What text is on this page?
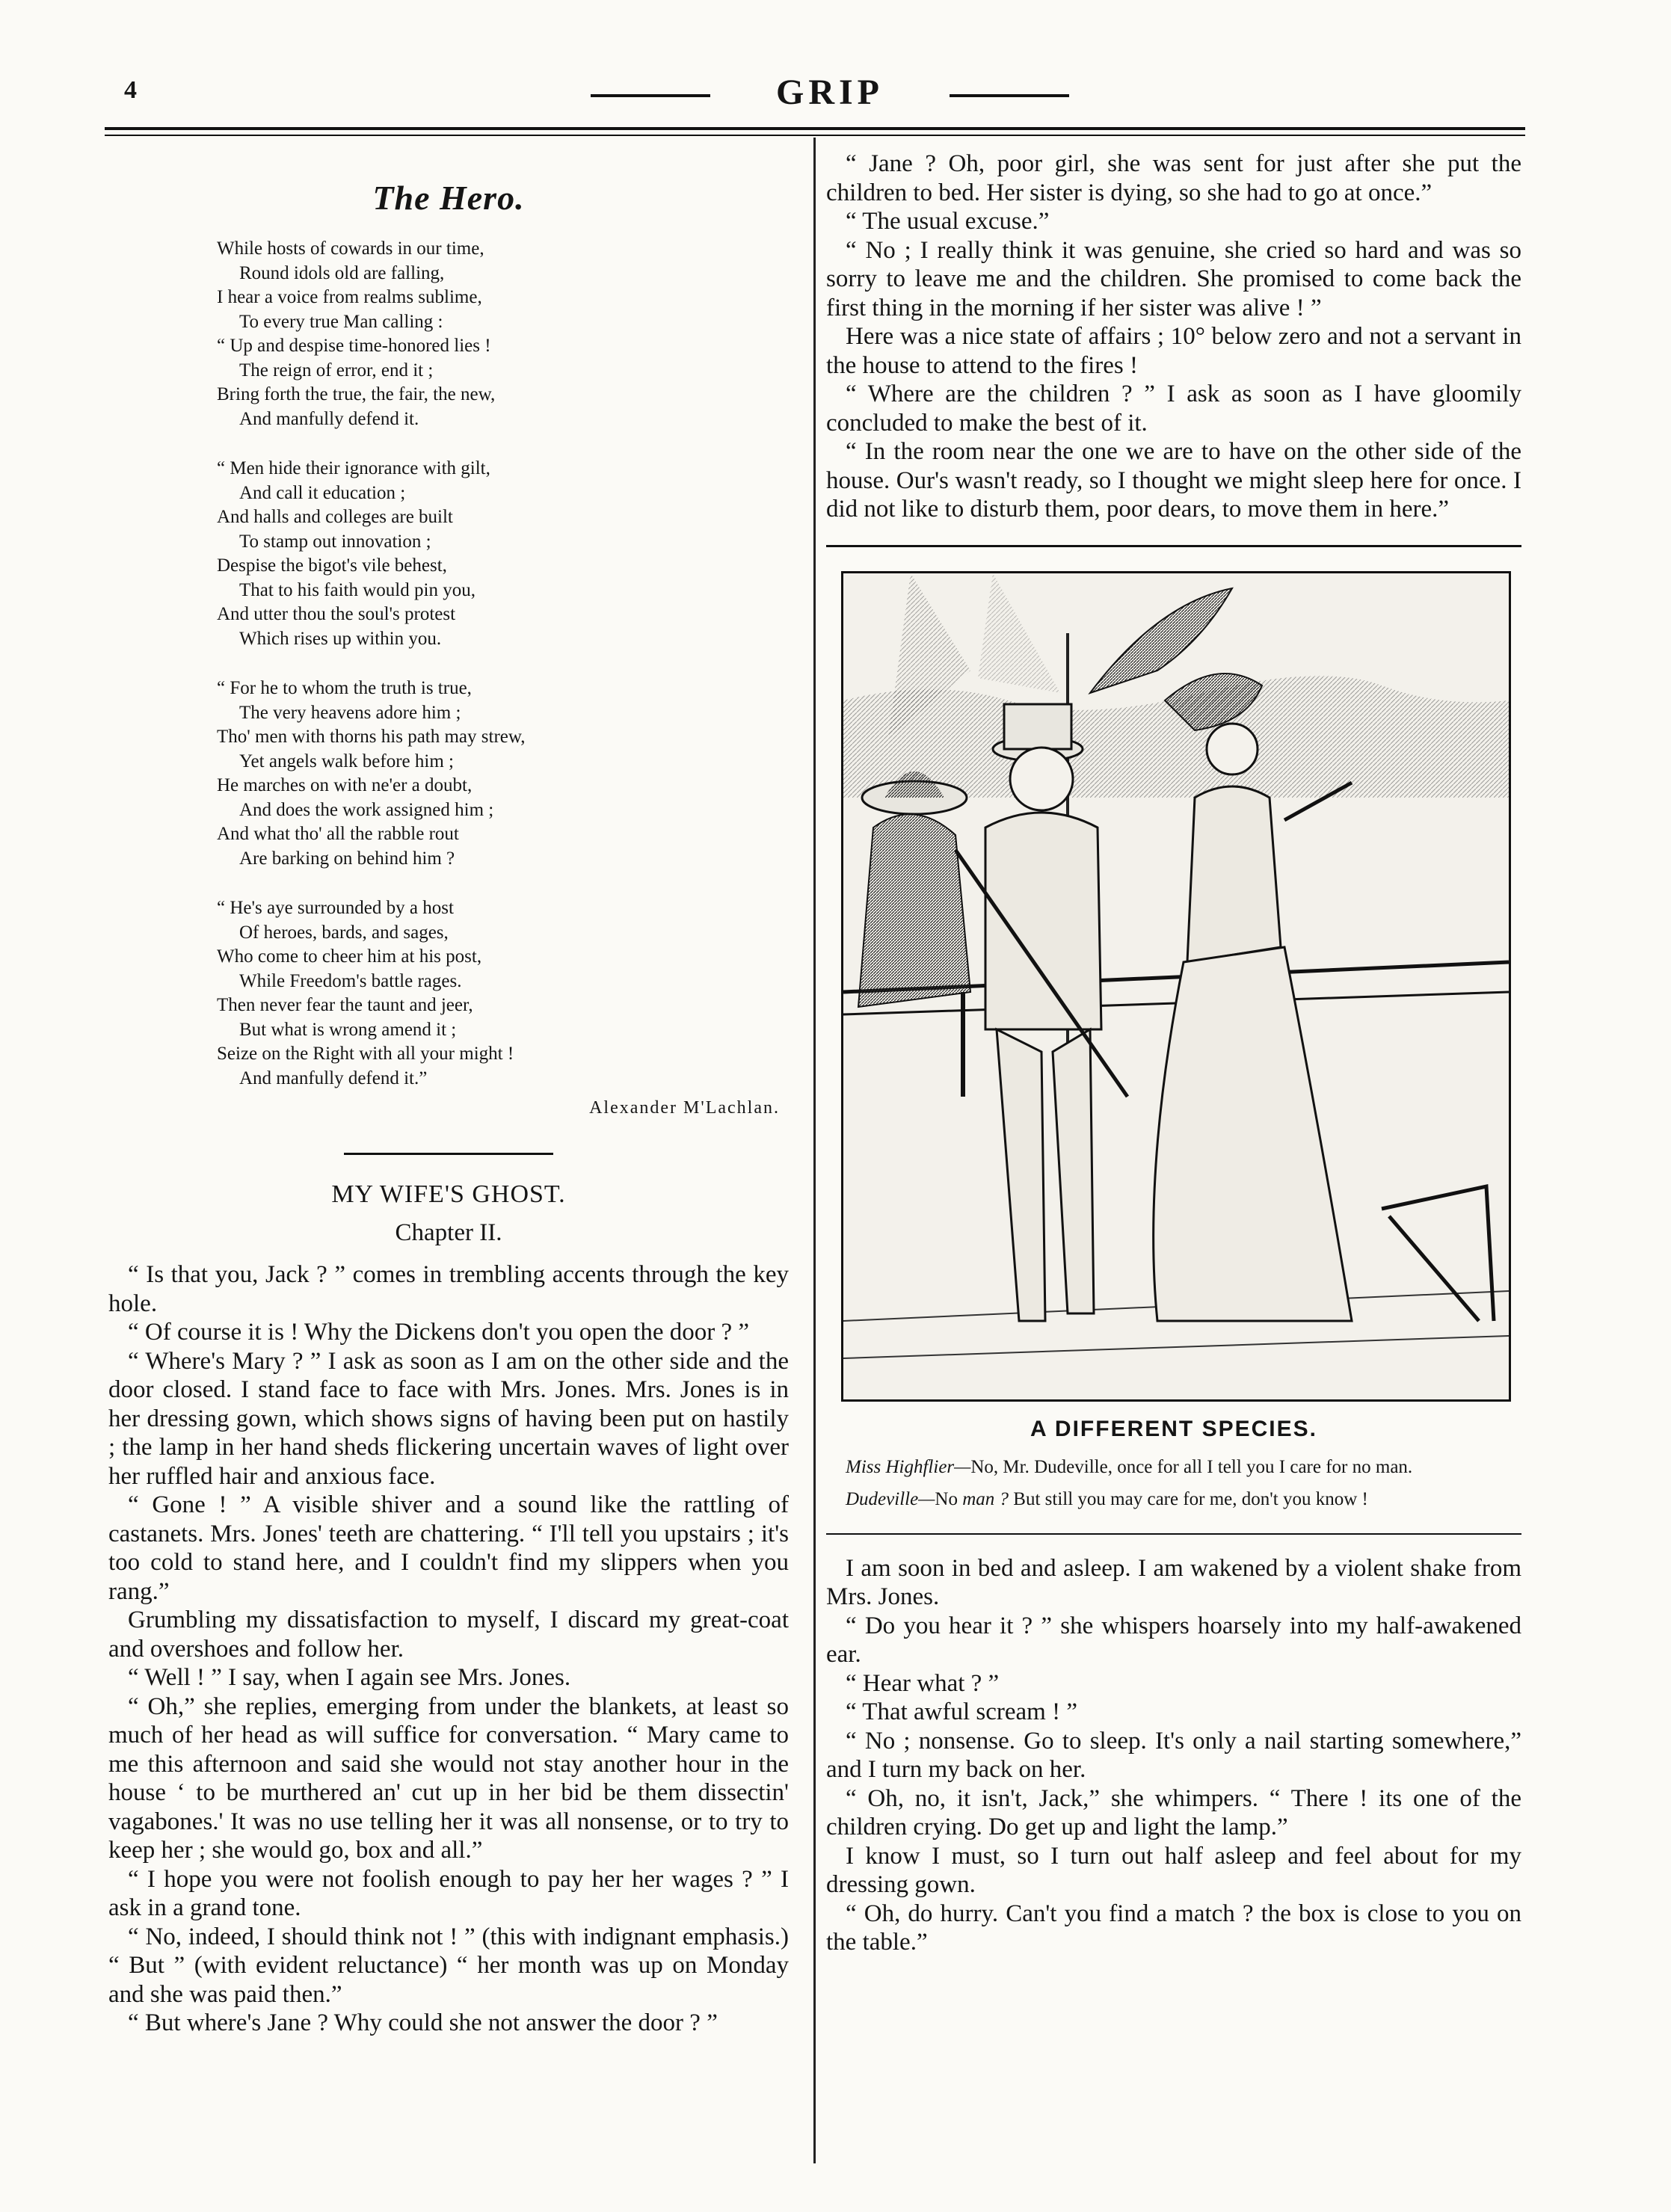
4	GRIP
The Hero.
While hosts of cowards in our time,
Round idols old are falling,
I hear a voice from realms sublime,
To every true Man calling :
“ Up and despise time-honored lies !
The reign of error, end it ;
Bring forth the true, the fair, the new,
And manfully defend it.
“ Men hide their ignorance with gilt,
And call it education ;
And halls and colleges are built
To stamp out innovation ;
Despise the bigot's vile behest,
That to his faith would pin you,
And utter thou the soul's protest
Which rises up within you.
“ For he to whom the truth is true,
The very heavens adore him ;
Tho' men with thorns his path may strew,
Yet angels walk before him ;
He marches on with ne'er a doubt,
And does the work assigned him ;
And what tho' all the rabble rout
Are barking on behind him ?
“ He's aye surrounded by a host
Of heroes, bards, and sages,
Who come to cheer him at his post,
While Freedom's battle rages.
Then never fear the taunt and jeer,
But what is wrong amend it ;
Seize on the Right with all your might !
And manfully defend it.”
Alexander M'Lachlan.
MY WIFE'S GHOST.
Chapter II.

“ Is that you, Jack ? ” comes in trembling accents through the key hole.

“ Of course it is ! Why the Dickens don't you open the door ? ”

“ Where's Mary ? ” I ask as soon as I am on the other side and the door closed. I stand face to face with Mrs. Jones. Mrs. Jones is in her dressing gown, which shows signs of having been put on hastily ; the lamp in her hand sheds flickering uncertain waves of light over her ruffled hair and anxious face.

“ Gone ! ” A visible shiver and a sound like the rattling of castanets. Mrs. Jones' teeth are chattering. “ I'll tell you upstairs ; it's too cold to stand here, and I couldn't find my slippers when you rang.”

Grumbling my dissatisfaction to myself, I discard my great-coat and overshoes and follow her.

“ Well ! ” I say, when I again see Mrs. Jones.

“ Oh,” she replies, emerging from under the blankets, at least so much of her head as will suffice for conversation. “ Mary came to me this afternoon and said she would not stay another hour in the house ‘ to be murthered an' cut up in her bid be them dissectin' vagabones.' It was no use telling her it was all nonsense, or to try to keep her ; she would go, box and all.”

“ I hope you were not foolish enough to pay her her wages ? ” I ask in a grand tone.

“ No, indeed, I should think not ! ” (this with indignant emphasis.) “ But ” (with evident reluctance) “ her month was up on Monday and she was paid then.”

“ But where's Jane ? Why could she not answer the door ? ”

“ Jane ? Oh, poor girl, she was sent for just after she put the children to bed. Her sister is dying, so she had to go at once.”

“ The usual excuse.”

“ No ; I really think it was genuine, she cried so hard and was so sorry to leave me and the children. She promised to come back the first thing in the morning if her sister was alive ! ”

Here was a nice state of affairs ; 10° below zero and not a servant in the house to attend to the fires !

“ Where are the children ? ” I ask as soon as I have gloomily concluded to make the best of it.

“ In the room near the one we are to have on the other side of the house. Our's wasn't ready, so I thought we might sleep here for once. I did not like to disturb them, poor dears, to move them in here.”

A DIFFERENT SPECIES.

Miss Highflier—No, Mr. Dudeville, once for all I tell you I care for no man.

Dudeville—No man ? But still you may care for me, don't you know !

I am soon in bed and asleep. I am wakened by a violent shake from Mrs. Jones.

“ Do you hear it ? ” she whispers hoarsely into my half-awakened ear.

“ Hear what ? ”

“ That awful scream ! ”

“ No ; nonsense. Go to sleep. It's only a nail starting somewhere,” and I turn my back on her.

“ Oh, no, it isn't, Jack,” she whimpers. “ There ! its one of the children crying. Do get up and light the lamp.”

I know I must, so I turn out half asleep and feel about for my dressing gown.

“ Oh, do hurry. Can't you find a match ? the box is close to you on the table.”
